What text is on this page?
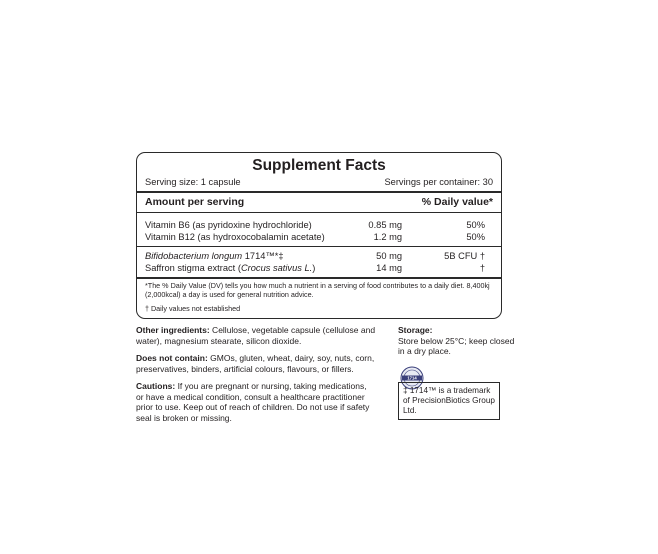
Supplement Facts
Serving size: 1 capsule	Servings per container: 30
Amount per serving	% Daily value*
Vitamin B6 (as pyridoxine hydrochloride)	0.85 mg	50%
Vitamin B12 (as hydroxocobalamin acetate)	1.2 mg	50%
Bifidobacterium longum 1714™*‡	50 mg	5B CFU †
Saffron stigma extract (Crocus sativus L.)	14 mg	†
*The % Daily Value (DV) tells you how much a nutrient in a serving of food contributes to a daily diet. 8,400kj (2,000kcal) a day is used for general nutrition advice.
† Daily values not established

Other ingredients: Cellulose, vegetable capsule (cellulose and water), magnesium stearate, silicon dioxide.

Does not contain: GMOs, gluten, wheat, dairy, soy, nuts, corn, preservatives, binders, artificial colours, flavours, or fillers.

Cautions: If you are pregnant or nursing, taking medications, or have a medical condition, consult a healthcare practitioner prior to use. Keep out of reach of children. Do not use if safety seal is broken or missing.

Storage:

Store below 25°C; keep closed in a dry place.

1714
‡ 1714™ is a trademark of PrecisionBiotics Group Ltd.
